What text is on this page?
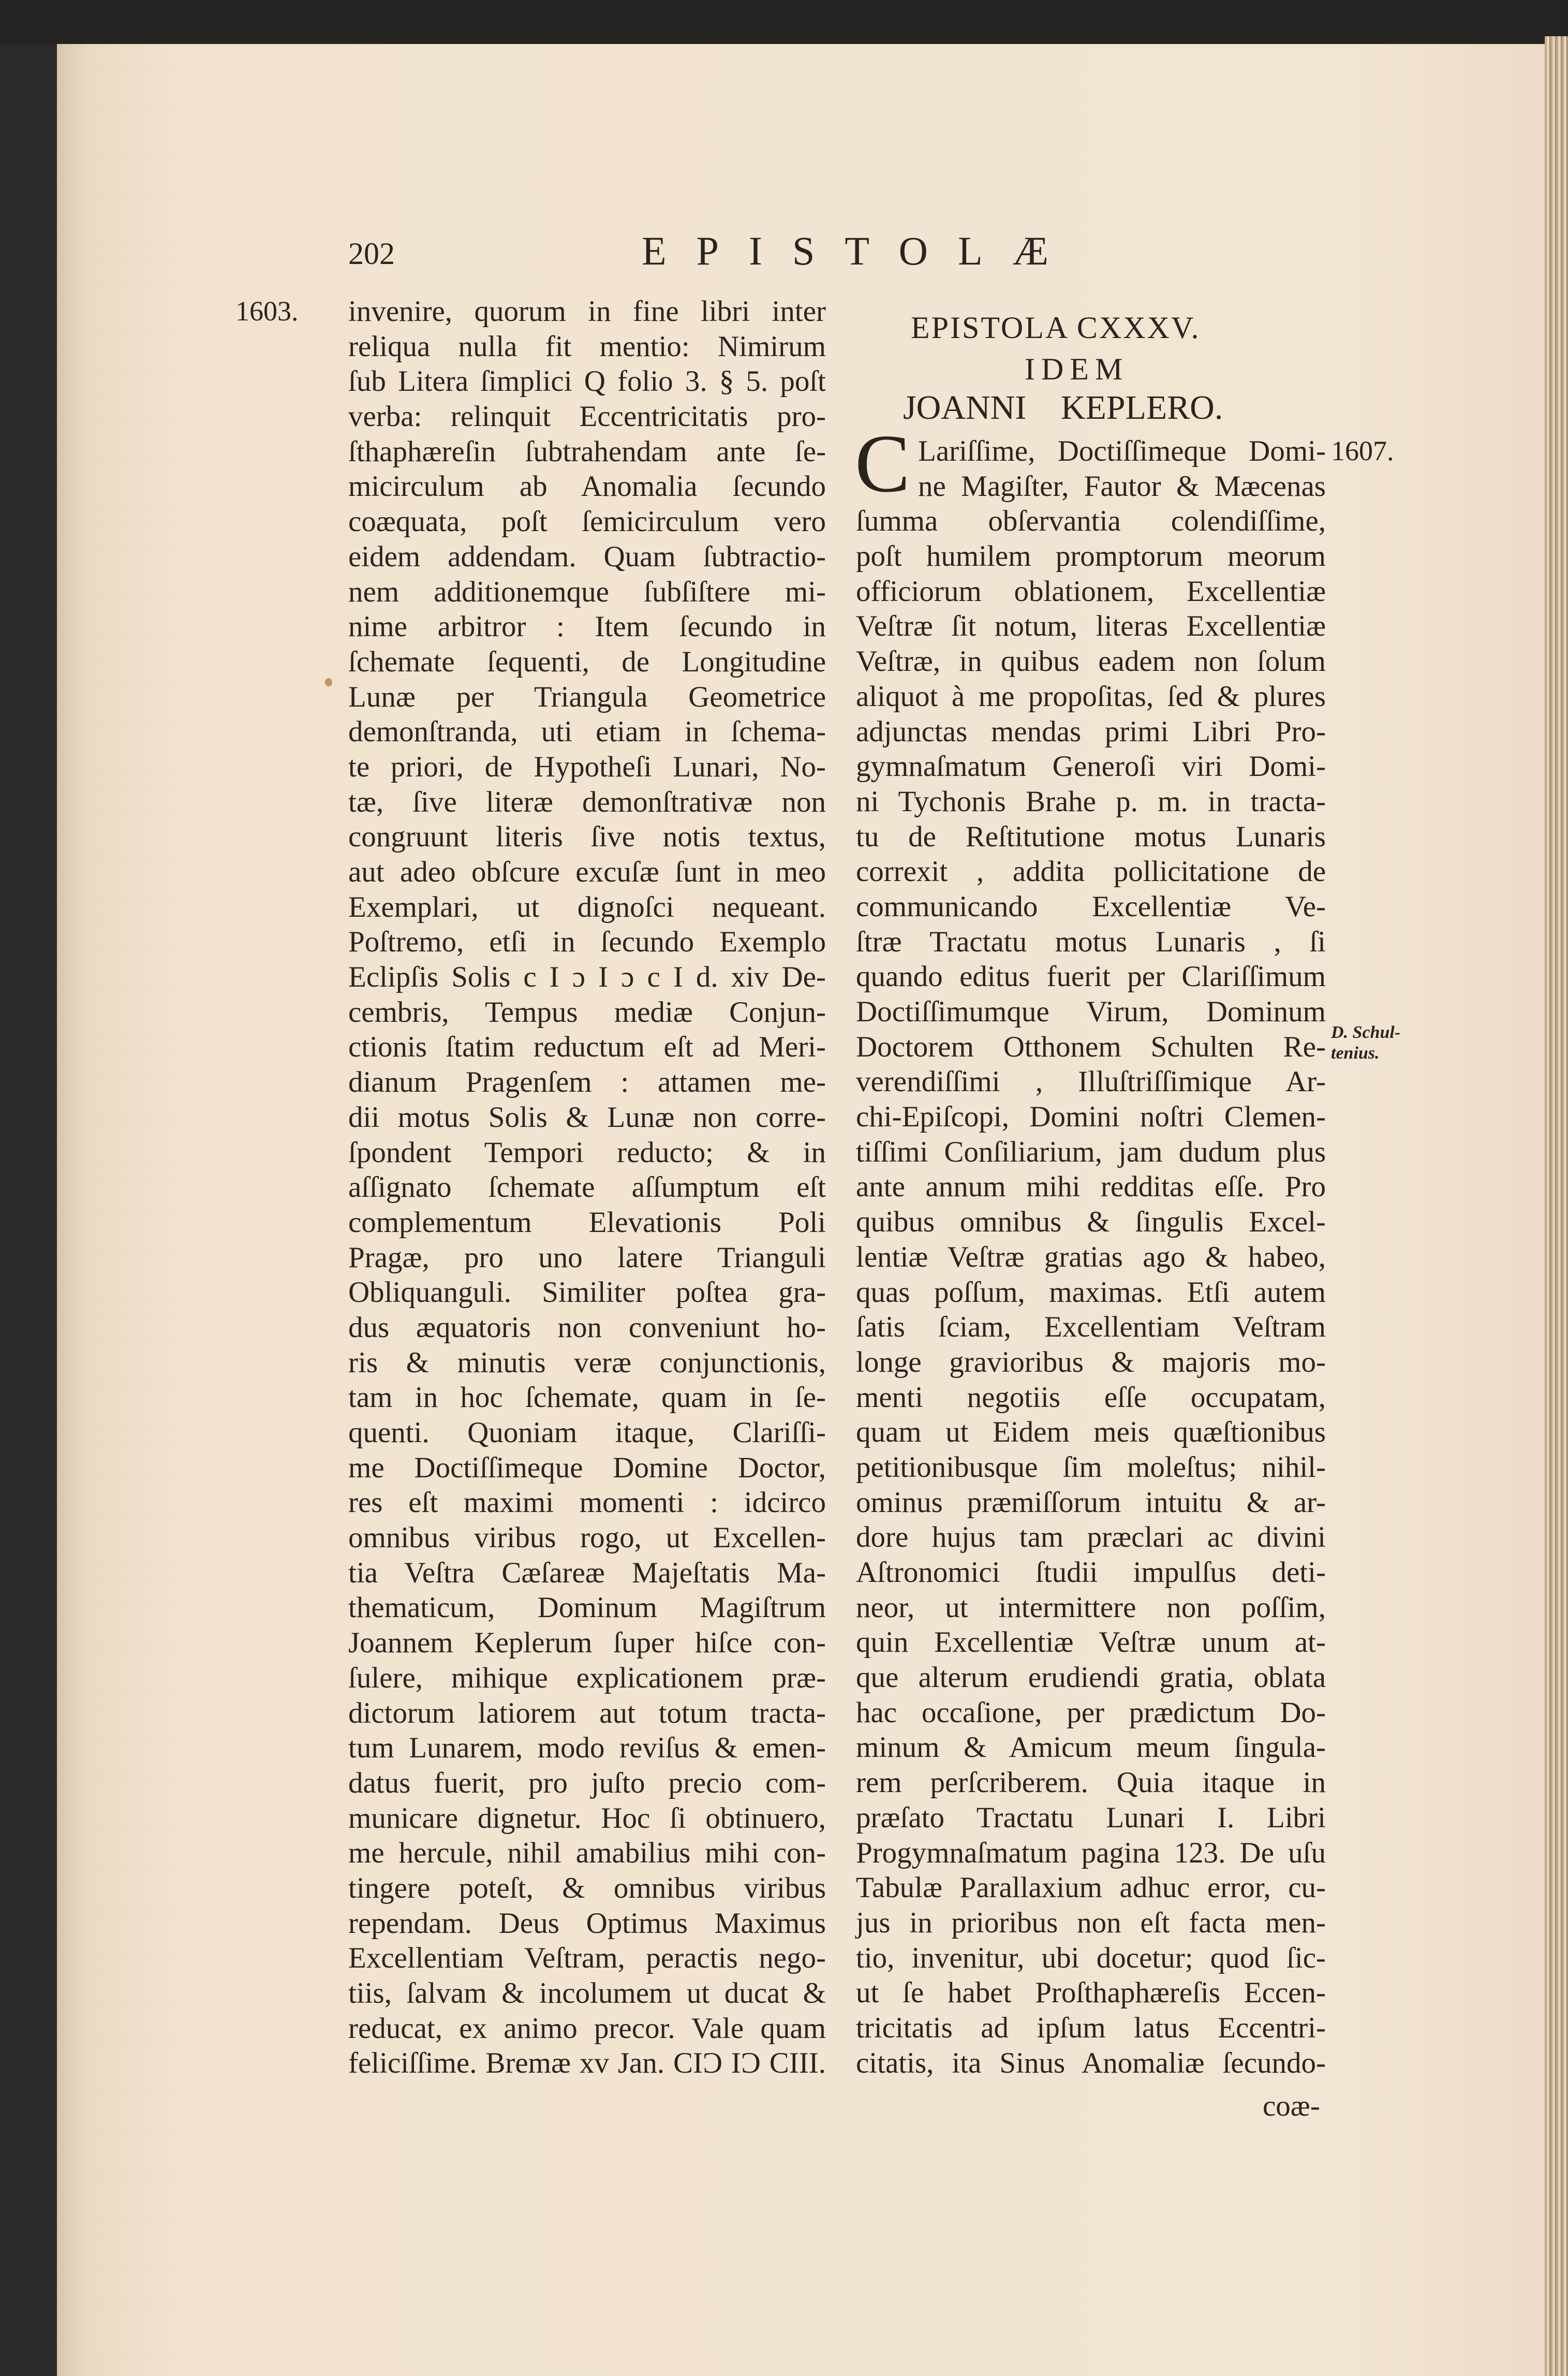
202	EPISTOLÆ
1603. invenire, quorum in fine libri inter
reliqua nulla fit mentio: Nimirum
ſub Litera ſimplici Q folio 3. § 5. poſt
verba: relinquit Eccentricitatis pro-
ſthaphæreſin ſubtrahendam ante ſe-
micirculum ab Anomalia ſecundo
coæquata, poſt ſemicirculum vero
eidem addendam. Quam ſubtractio-
nem additionemque ſubſiſtere mi-
nime arbitror : Item ſecundo in
ſchemate ſequenti, de Longitudine
Lunæ per Triangula Geometrice
demonſtranda, uti etiam in ſchema-
te priori, de Hypotheſi Lunari, No-
tæ, ſive literæ demonſtrativæ non
congruunt literis ſive notis textus,
aut adeo obſcure excuſæ ſunt in meo
Exemplari, ut dignoſci nequeant.
Poſtremo, etſi in ſecundo Exemplo
Eclipſis Solis c I ɔ I ɔ c I d. xiv De-
cembris, Tempus mediæ Conjun-
ctionis ſtatim reductum eſt ad Meri-
dianum Pragenſem : attamen me-
dii motus Solis & Lunæ non corre-
ſpondent Tempori reducto; & in
aſſignato ſchemate aſſumptum eſt
complementum Elevationis Poli
Pragæ, pro uno latere Trianguli
Obliquanguli. Similiter poſtea gra-
dus æquatoris non conveniunt ho-
ris & minutis veræ conjunctionis,
tam in hoc ſchemate, quam in ſe-
quenti. Quoniam itaque, Clariſſi-
me Doctiſſimeque Domine Doctor,
res eſt maximi momenti : idcirco
omnibus viribus rogo, ut Excellen-
tia Veſtra Cæſareæ Majeſtatis Ma-
thematicum, Dominum Magiſtrum
Joannem Keplerum ſuper hiſce con-
ſulere, mihique explicationem præ-
dictorum latiorem aut totum tracta-
tum Lunarem, modo reviſus & emen-
datus fuerit, pro juſto precio com-
municare dignetur. Hoc ſi obtinuero,
me hercule, nihil amabilius mihi con-
tingere poteſt, & omnibus viribus
rependam. Deus Optimus Maximus
Excellentiam Veſtram, peractis nego-
tiis, ſalvam & incolumem ut ducat &
reducat, ex animo precor. Vale quam
feliciſſime. Bremæ xv Jan. CIƆ IƆ CIII.
EPISTOLA CXXXV.
IDEM
JOANNI KEPLERO.
C	1607.
D. Schul-
tenius.
Lariſſime, Doctiſſimeque Domi-
ne Magiſter, Fautor & Mæcenas
ſumma obſervantia colendiſſime,
poſt humilem promptorum meorum
officiorum oblationem, Excellentiæ
Veſtræ ſit notum, literas Excellentiæ
Veſtræ, in quibus eadem non ſolum
aliquot à me propoſitas, ſed & plures
adjunctas mendas primi Libri Pro-
gymnaſmatum Generoſi viri Domi-
ni Tychonis Brahe p. m. in tracta-
tu de Reſtitutione motus Lunaris
correxit , addita pollicitatione de
communicando Excellentiæ Ve-
ſtræ Tractatu motus Lunaris , ſi
quando editus fuerit per Clariſſimum
Doctiſſimumque Virum, Dominum
Doctorem Otthonem Schulten Re-
verendiſſimi , Illuſtriſſimique Ar-
chi-Epiſcopi, Domini noſtri Clemen-
tiſſimi Conſiliarium, jam dudum plus
ante annum mihi redditas eſſe. Pro
quibus omnibus & ſingulis Excel-
lentiæ Veſtræ gratias ago & habeo,
quas poſſum, maximas. Etſi autem
ſatis ſciam, Excellentiam Veſtram
longe gravioribus & majoris mo-
menti negotiis eſſe occupatam,
quam ut Eidem meis quæſtionibus
petitionibusque ſim moleſtus; nihil-
ominus præmiſſorum intuitu & ar-
dore hujus tam præclari ac divini
Aſtronomici ſtudii impulſus deti-
neor, ut intermittere non poſſim,
quin Excellentiæ Veſtræ unum at-
que alterum erudiendi gratia, oblata
hac occaſione, per prædictum Do-
minum & Amicum meum ſingula-
rem perſcriberem. Quia itaque in
præſato Tractatu Lunari I. Libri
Progymnaſmatum pagina 123. De uſu
Tabulæ Parallaxium adhuc error, cu-
jus in prioribus non eſt facta men-
tio, invenitur, ubi docetur; quod ſic-
ut ſe habet Proſthaphæreſis Eccen-
tricitatis ad ipſum latus Eccentri-
citatis, ita Sinus Anomaliæ ſecundo-
coæ-
